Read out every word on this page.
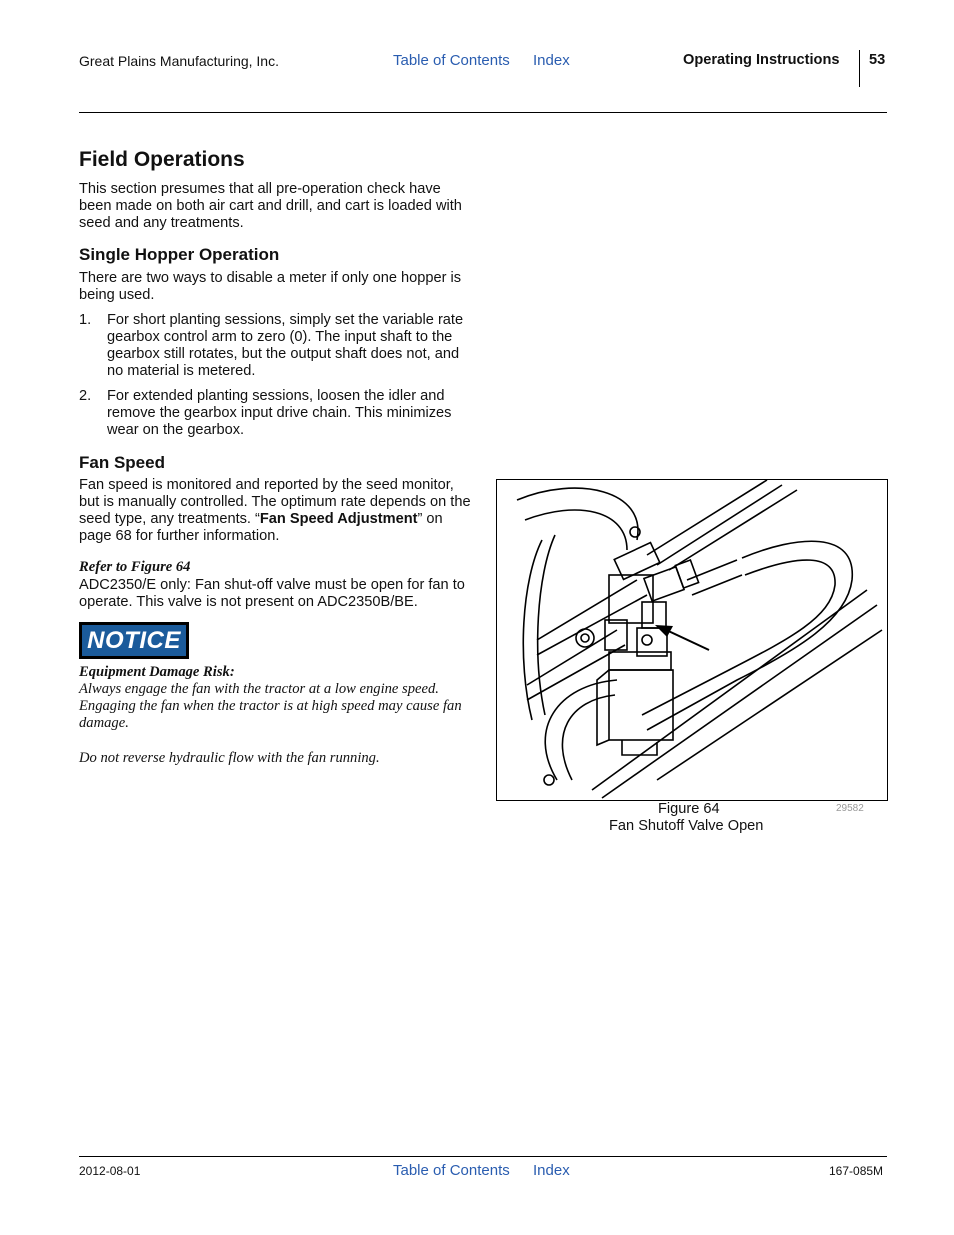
Great Plains Manufacturing, Inc.	Table of Contents Index	Operating Instructions 53
Field Operations

This section presumes that all pre-operation check have been made on both air cart and drill, and cart is loaded with seed and any treatments.

Single Hopper Operation

There are two ways to disable a meter if only one hopper is being used.

1. For short planting sessions, simply set the variable rate gearbox control arm to zero (0). The input shaft to the gearbox still rotates, but the output shaft does not, and no material is metered.
2. For extended planting sessions, loosen the idler and remove the gearbox input drive chain. This minimizes wear on the gearbox.
Fan Speed

Fan speed is monitored and reported by the seed monitor, but is manually controlled. The optimum rate depends on the seed type, any treatments. “Fan Speed Adjustment” on page 68 for further information.

Refer to Figure 64

ADC2350/E only: Fan shut-off valve must be open for fan to operate. This valve is not present on ADC2350B/BE.

NOTICE
Equipment Damage Risk:

Always engage the fan with the tractor at a low engine speed. Engaging the fan when the tractor is at high speed may cause fan damage.

Do not reverse hydraulic flow with the fan running.

Figure 64
Fan Shutoff Valve Open
29582
2012-08-01	Table of Contents Index	167-085M
